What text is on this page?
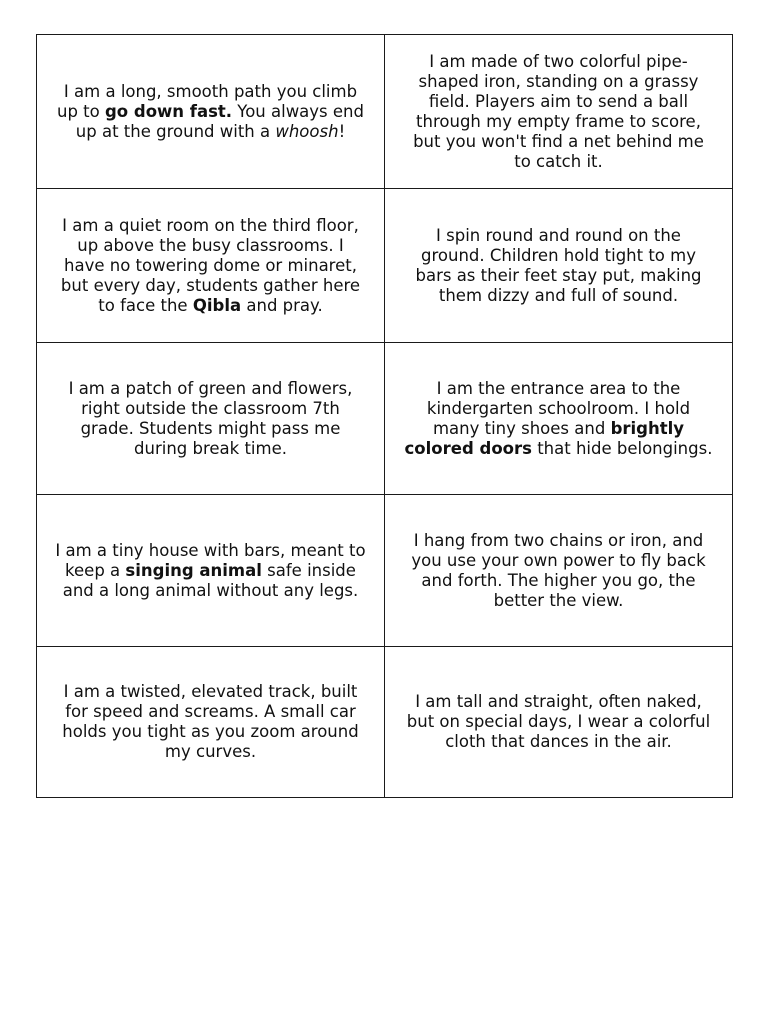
I am a long, smooth path you climb up to go down fast. You always end up at the ground with a whoosh!	I am made of two colorful pipe-shaped iron, standing on a grassy field. Players aim to send a ball through my empty frame to score, but you won't find a net behind me to catch it.
I am a quiet room on the third floor, up above the busy classrooms. I have no towering dome or minaret, but every day, students gather here to face the Qibla and pray.	I spin round and round on the ground. Children hold tight to my bars as their feet stay put, making them dizzy and full of sound.
I am a patch of green and flowers, right outside the classroom 7th grade. Students might pass me during break time.	I am the entrance area to the kindergarten schoolroom. I hold many tiny shoes and brightly colored doors that hide belongings.
I am a tiny house with bars, meant to keep a singing animal safe inside and a long animal without any legs.	I hang from two chains or iron, and you use your own power to fly back and forth. The higher you go, the better the view.
I am a twisted, elevated track, built for speed and screams. A small car holds you tight as you zoom around my curves.	I am tall and straight, often naked, but on special days, I wear a colorful cloth that dances in the air.
